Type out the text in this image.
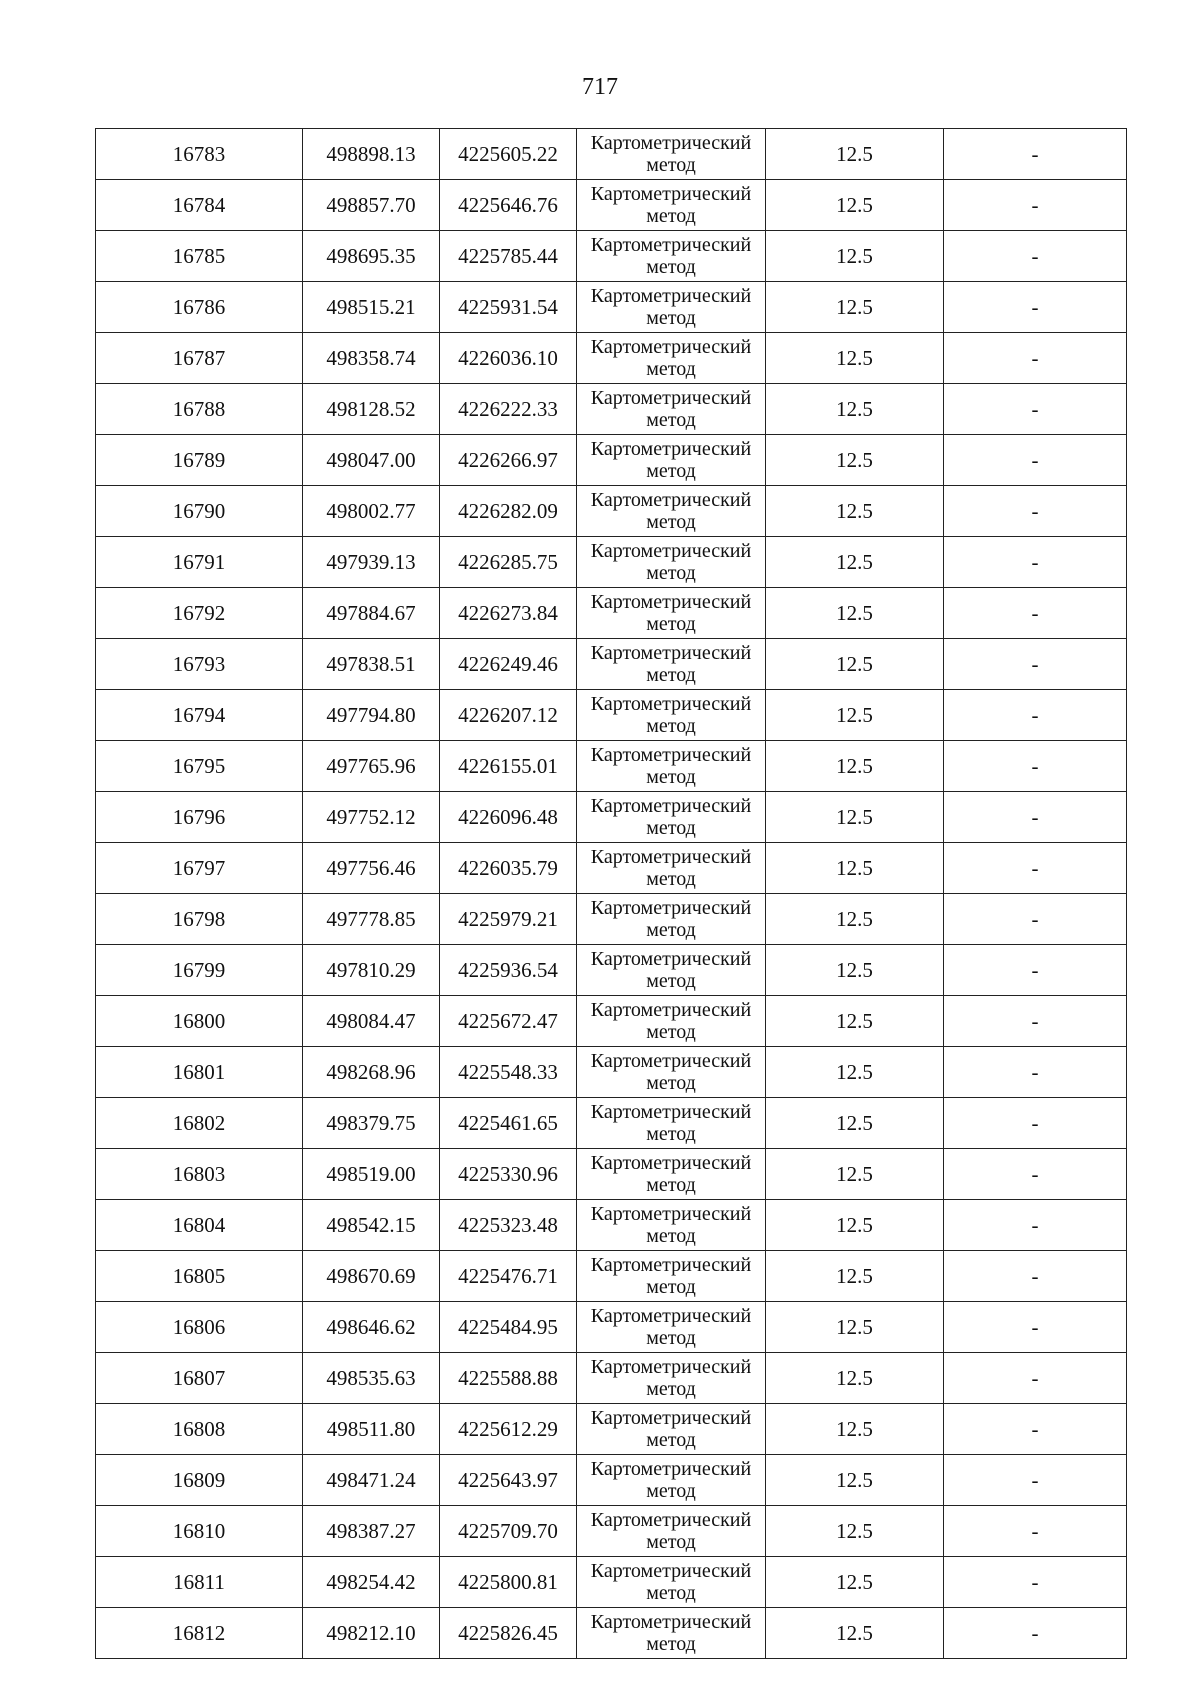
717
16783	498898.13	4225605.22	Картометрический
метод	12.5	-
16784	498857.70	4225646.76	Картометрический
метод	12.5	-
16785	498695.35	4225785.44	Картометрический
метод	12.5	-
16786	498515.21	4225931.54	Картометрический
метод	12.5	-
16787	498358.74	4226036.10	Картометрический
метод	12.5	-
16788	498128.52	4226222.33	Картометрический
метод	12.5	-
16789	498047.00	4226266.97	Картометрический
метод	12.5	-
16790	498002.77	4226282.09	Картометрический
метод	12.5	-
16791	497939.13	4226285.75	Картометрический
метод	12.5	-
16792	497884.67	4226273.84	Картометрический
метод	12.5	-
16793	497838.51	4226249.46	Картометрический
метод	12.5	-
16794	497794.80	4226207.12	Картометрический
метод	12.5	-
16795	497765.96	4226155.01	Картометрический
метод	12.5	-
16796	497752.12	4226096.48	Картометрический
метод	12.5	-
16797	497756.46	4226035.79	Картометрический
метод	12.5	-
16798	497778.85	4225979.21	Картометрический
метод	12.5	-
16799	497810.29	4225936.54	Картометрический
метод	12.5	-
16800	498084.47	4225672.47	Картометрический
метод	12.5	-
16801	498268.96	4225548.33	Картометрический
метод	12.5	-
16802	498379.75	4225461.65	Картометрический
метод	12.5	-
16803	498519.00	4225330.96	Картометрический
метод	12.5	-
16804	498542.15	4225323.48	Картометрический
метод	12.5	-
16805	498670.69	4225476.71	Картометрический
метод	12.5	-
16806	498646.62	4225484.95	Картометрический
метод	12.5	-
16807	498535.63	4225588.88	Картометрический
метод	12.5	-
16808	498511.80	4225612.29	Картометрический
метод	12.5	-
16809	498471.24	4225643.97	Картометрический
метод	12.5	-
16810	498387.27	4225709.70	Картометрический
метод	12.5	-
16811	498254.42	4225800.81	Картометрический
метод	12.5	-
16812	498212.10	4225826.45	Картометрический
метод	12.5	-
